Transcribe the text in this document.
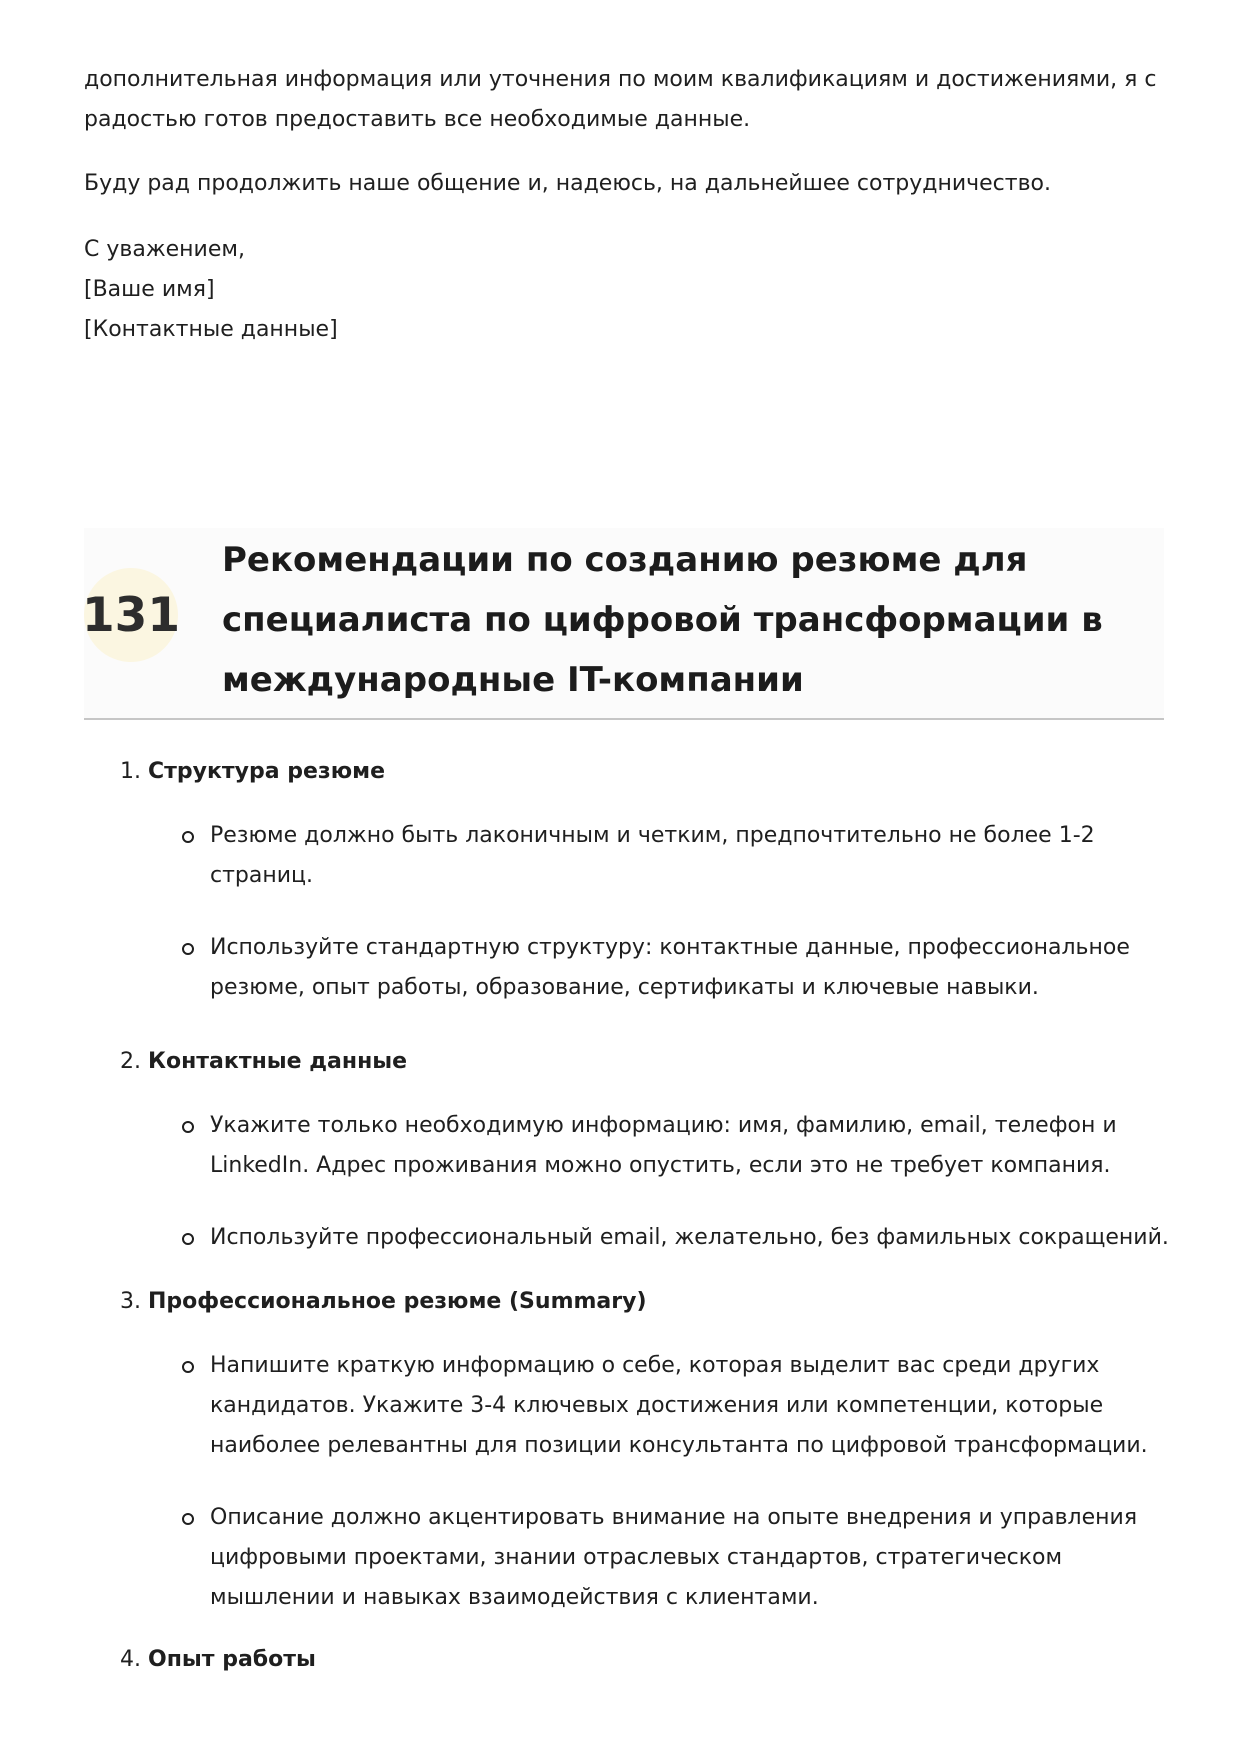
дополнительная информация или уточнения по моим квалификациям и достижениями, я с радостью готов предоставить все необходимые данные.

Буду рад продолжить наше общение и, надеюсь, на дальнейшее сотрудничество.

С уважением,
[Ваше имя]
[Контактные данные]
131
Рекомендации по созданию резюме для специалиста по цифровой трансформации в международные IT-компании

1. Структура резюме

Резюме должно быть лаконичным и четким, предпочтительно не более 1-2 страниц.

Используйте стандартную структуру: контактные данные, профессиональное резюме, опыт работы, образование, сертификаты и ключевые навыки.

2. Контактные данные

Укажите только необходимую информацию: имя, фамилию, email, телефон и LinkedIn. Адрес проживания можно опустить, если это не требует компания.

Используйте профессиональный email, желательно, без фамильных сокращений.

3. Профессиональное резюме (Summary)

Напишите краткую информацию о себе, которая выделит вас среди других кандидатов. Укажите 3-4 ключевых достижения или компетенции, которые наиболее релевантны для позиции консультанта по цифровой трансформации.

Описание должно акцентировать внимание на опыте внедрения и управления цифровыми проектами, знании отраслевых стандартов, стратегическом мышлении и навыках взаимодействия с клиентами.

4. Опыт работы
